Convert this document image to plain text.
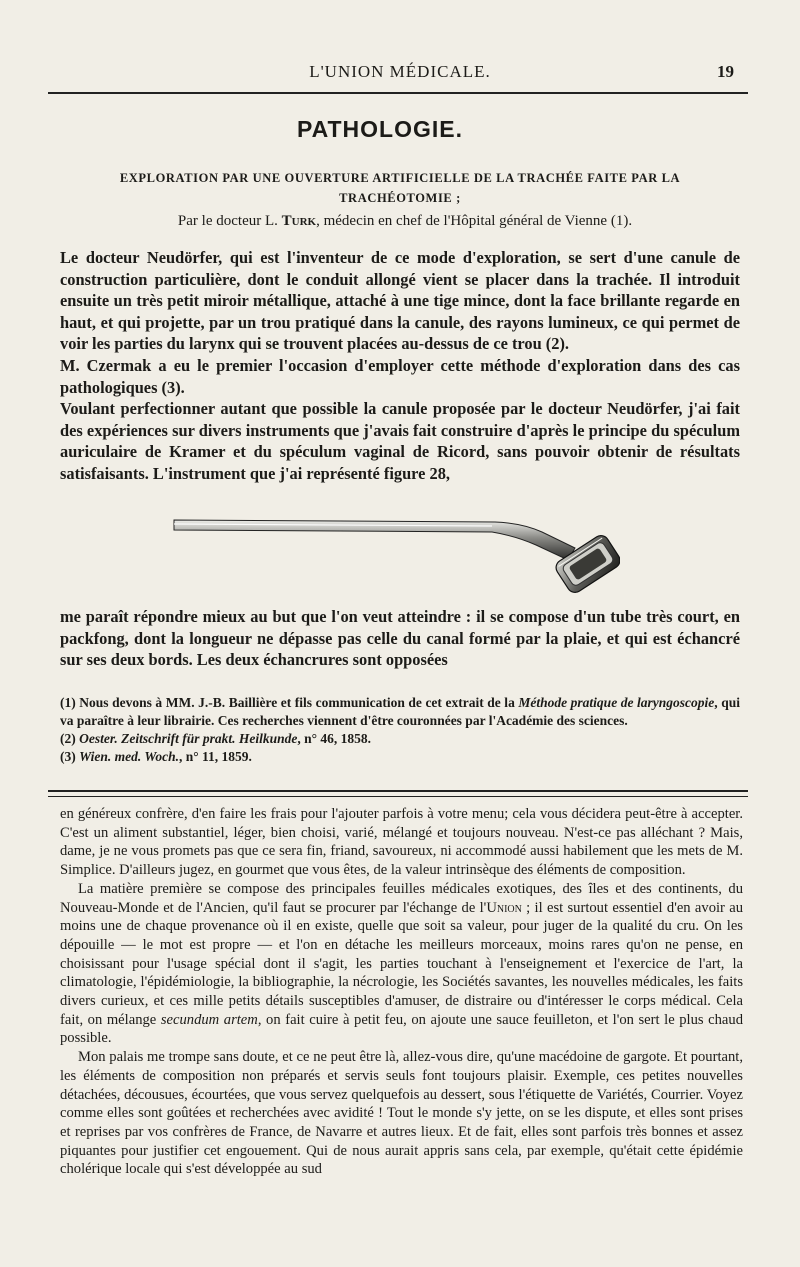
L'UNION MÉDICALE.	19
PATHOLOGIE.
EXPLORATION PAR UNE OUVERTURE ARTIFICIELLE DE LA TRACHÉE FAITE PAR LA TRACHÉOTOMIE ;
Par le docteur L. Turk, médecin en chef de l'Hôpital général de Vienne (1).

Le docteur Neudörfer, qui est l'inventeur de ce mode d'exploration, se sert d'une canule de construction particulière, dont le conduit allongé vient se placer dans la trachée. Il introduit ensuite un très petit miroir métallique, attaché à une tige mince, dont la face brillante regarde en haut, et qui projette, par un trou pratiqué dans la canule, des rayons lumineux, ce qui permet de voir les parties du larynx qui se trouvent placées au-dessus de ce trou (2).

M. Czermak a eu le premier l'occasion d'employer cette méthode d'exploration dans des cas pathologiques (3).

Voulant perfectionner autant que possible la canule proposée par le docteur Neudörfer, j'ai fait des expériences sur divers instruments que j'avais fait construire d'après le principe du spéculum auriculaire de Kramer et du spéculum vaginal de Ricord, sans pouvoir obtenir de résultats satisfaisants. L'instrument que j'ai représenté figure 28,

me paraît répondre mieux au but que l'on veut atteindre : il se compose d'un tube très court, en packfong, dont la longueur ne dépasse pas celle du canal formé par la plaie, et qui est échancré sur ses deux bords. Les deux échancrures sont opposées

(1) Nous devons à MM. J.-B. Baillière et fils communication de cet extrait de la Méthode pratique de laryngoscopie, qui va paraître à leur librairie. Ces recherches viennent d'être couronnées par l'Académie des sciences.

(2) Oester. Zeitschrift für prakt. Heilkunde, n° 46, 1858.

(3) Wien. med. Woch., n° 11, 1859.

en généreux confrère, d'en faire les frais pour l'ajouter parfois à votre menu; cela vous décidera peut-être à accepter. C'est un aliment substantiel, léger, bien choisi, varié, mélangé et toujours nouveau. N'est-ce pas alléchant ? Mais, dame, je ne vous promets pas que ce sera fin, friand, savoureux, ni accommodé aussi habilement que les mets de M. Simplice. D'ailleurs jugez, en gourmet que vous êtes, de la valeur intrinsèque des éléments de composition.

La matière première se compose des principales feuilles médicales exotiques, des îles et des continents, du Nouveau-Monde et de l'Ancien, qu'il faut se procurer par l'échange de l'Union ; il est surtout essentiel d'en avoir au moins une de chaque provenance où il en existe, quelle que soit sa valeur, pour juger de la qualité du cru. On les dépouille — le mot est propre — et l'on en détache les meilleurs morceaux, moins rares qu'on ne pense, en choisissant pour l'usage spécial dont il s'agit, les parties touchant à l'enseignement et l'exercice de l'art, la climatologie, l'épidémiologie, la bibliographie, la nécrologie, les Sociétés savantes, les nouvelles médicales, les faits divers curieux, et ces mille petits détails susceptibles d'amuser, de distraire ou d'intéresser le corps médical. Cela fait, on mélange secundum artem, on fait cuire à petit feu, on ajoute une sauce feuilleton, et l'on sert le plus chaud possible.

Mon palais me trompe sans doute, et ce ne peut être là, allez-vous dire, qu'une macédoine de gargote. Et pourtant, les éléments de composition non préparés et servis seuls font toujours plaisir. Exemple, ces petites nouvelles détachées, décousues, écourtées, que vous servez quelquefois au dessert, sous l'étiquette de Variétés, Courrier. Voyez comme elles sont goûtées et recherchées avec avidité ! Tout le monde s'y jette, on se les dispute, et elles sont prises et reprises par vos confrères de France, de Navarre et autres lieux. Et de fait, elles sont parfois très bonnes et assez piquantes pour justifier cet engouement. Qui de nous aurait appris sans cela, par exemple, qu'était cette épidémie cholérique locale qui s'est développée au sud
